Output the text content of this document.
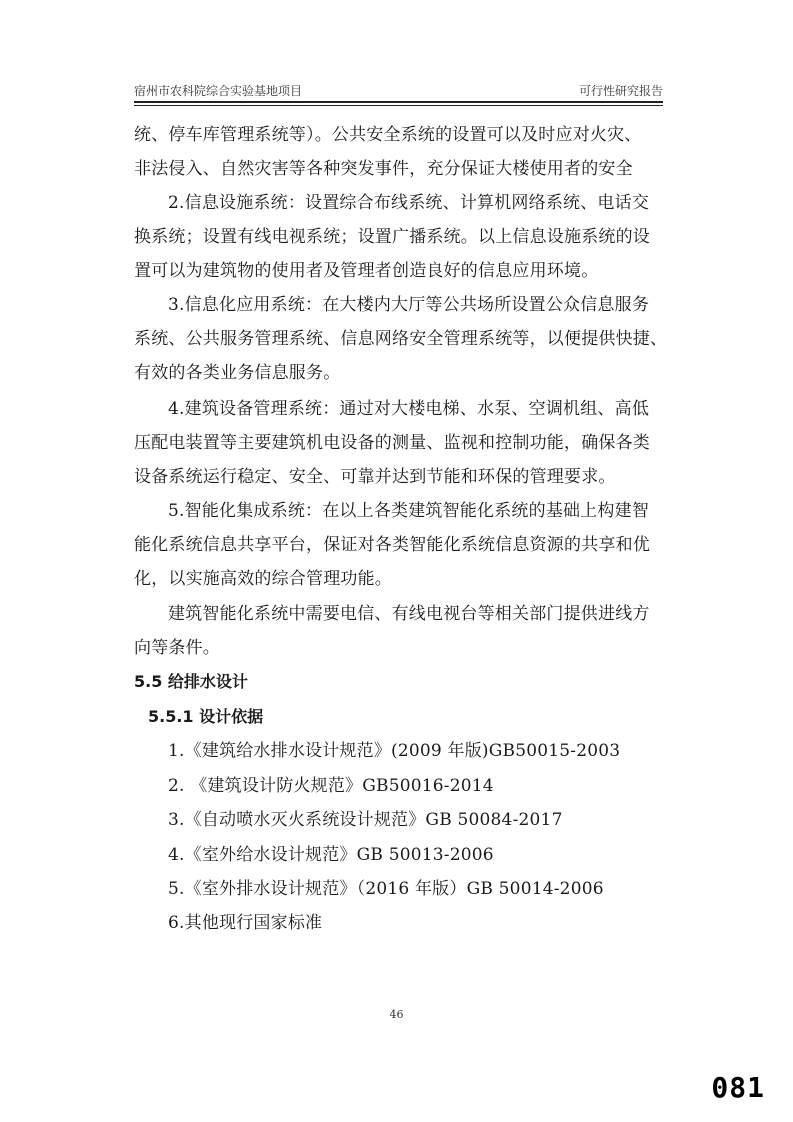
宿州市农科院综合实验基地项目	可行性研究报告
统、停车库管理系统等）。公共安全系统的设置可以及时应对火灾、
非法侵入、自然灾害等各种突发事件，充分保证大楼使用者的安全
2.信息设施系统：设置综合布线系统、计算机网络系统、电话交
换系统；设置有线电视系统；设置广播系统。以上信息设施系统的设
置可以为建筑物的使用者及管理者创造良好的信息应用环境。
3.信息化应用系统：在大楼内大厅等公共场所设置公众信息服务
系统、公共服务管理系统、信息网络安全管理系统等，以便提供快捷、
有效的各类业务信息服务。
4.建筑设备管理系统：通过对大楼电梯、水泵、空调机组、高低
压配电装置等主要建筑机电设备的测量、监视和控制功能，确保各类
设备系统运行稳定、安全、可靠并达到节能和环保的管理要求。
5.智能化集成系统：在以上各类建筑智能化系统的基础上构建智
能化系统信息共享平台，保证对各类智能化系统信息资源的共享和优
化，以实施高效的综合管理功能。
建筑智能化系统中需要电信、有线电视台等相关部门提供进线方
向等条件。
5.5 给排水设计
5.5.1 设计依据
1.《建筑给水排水设计规范》(2009 年版)GB50015-2003
2. 《建筑设计防火规范》GB50016-2014
3.《自动喷水灭火系统设计规范》GB 50084-2017
4.《室外给水设计规范》GB 50013-2006
5.《室外排水设计规范》（2016 年版）GB 50014-2006
6.其他现行国家标准
46
081
